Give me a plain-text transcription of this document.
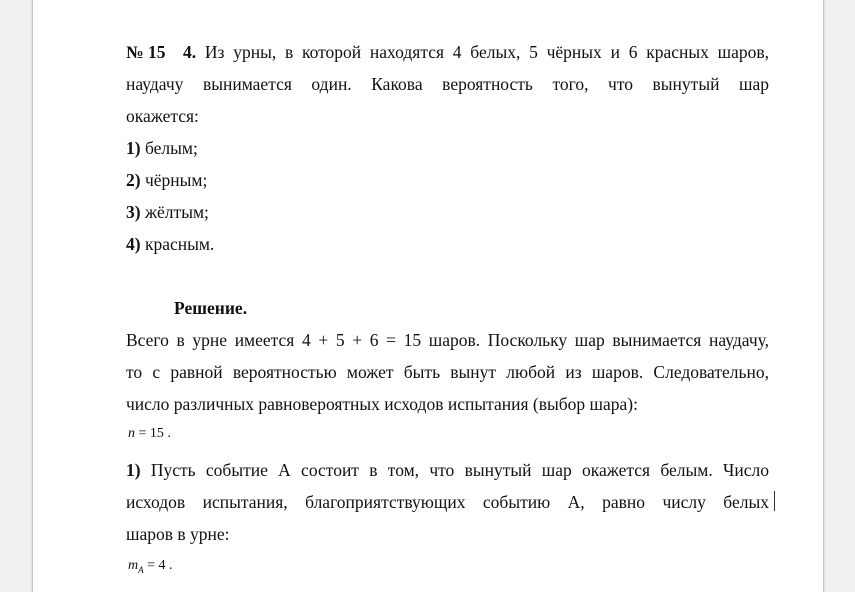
№15 4. Из урны, в которой находятся 4 белых, 5 чёрных и 6 красных шаров,
наудачу вынимается один. Какова вероятность того, что вынутый шар
окажется:
1) белым;
2) чёрным;
3) жёлтым;
4) красным.
Решение.
Всего в урне имеется 4 + 5 + 6 = 15 шаров. Поскольку шар вынимается наудачу,
то с равной вероятностью может быть вынут любой из шаров. Следовательно,
число различных равновероятных исходов испытания (выбор шара):
n = 15 .
1) Пусть событие А состоит в том, что вынутый шар окажется белым. Число
исходов испытания, благоприятствующих событию А, равно числу белых
шаров в урне:
$m_A = 4$ .
